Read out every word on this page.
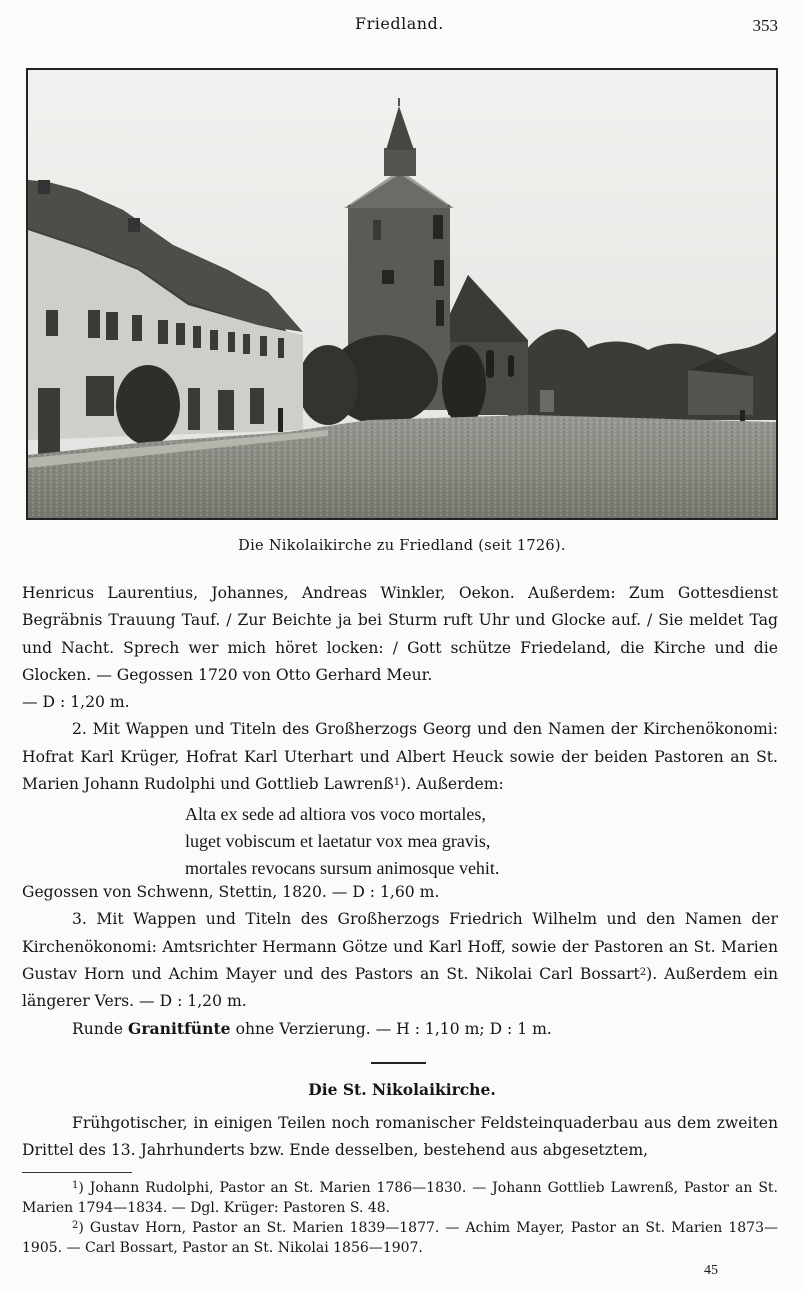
Friedland.	353
Die Nikolaikirche zu Friedland (seit 1726).

Henricus Laurentius, Johannes, Andreas Winkler, Oekon. Außerdem: Zum Gottesdienst Begräbnis Trauung Tauf. / Zur Beichte ja bei Sturm ruft Uhr und Glocke auf. / Sie meldet Tag und Nacht. Sprech wer mich höret locken: / Gott schütze Friedeland, die Kirche und die Glocken. — Gegossen 1720 von Otto Gerhard Meur.

— D : 1,20 m.

2. Mit Wappen und Titeln des Großherzogs Georg und den Namen der Kirchenökonomi: Hofrat Karl Krüger, Hofrat Karl Uterhart und Albert Heuck sowie der beiden Pastoren an St. Marien Johann Rudolphi und Gottlieb Lawrenß$^1$). Außerdem:

Alta ex sede ad altiora vos voco mortales,
luget vobiscum et laetatur vox mea gravis,
mortales revocans sursum animosque vehit.

Gegossen von Schwenn, Stettin, 1820. — D : 1,60 m.

3. Mit Wappen und Titeln des Großherzogs Friedrich Wilhelm und den Namen der Kirchenökonomi: Amtsrichter Hermann Götze und Karl Hoff, sowie der Pastoren an St. Marien Gustav Horn und Achim Mayer und des Pastors an St. Nikolai Carl Bossart$^2$). Außerdem ein längerer Vers. — D : 1,20 m.

Runde Granitfünte ohne Verzierung. — H : 1,10 m; D : 1 m.

Die St. Nikolaikirche.

Frühgotischer, in einigen Teilen noch romanischer Feldsteinquaderbau aus dem zweiten Drittel des 13. Jahrhunderts bzw. Ende desselben, bestehend aus abgesetztem,

$^1$) Johann Rudolphi, Pastor an St. Marien 1786—1830. — Johann Gottlieb Lawrenß, Pastor an St. Marien 1794—1834. — Dgl. Krüger: Pastoren S. 48.

$^2$) Gustav Horn, Pastor an St. Marien 1839—1877. — Achim Mayer, Pastor an St. Marien 1873—1905. — Carl Bossart, Pastor an St. Nikolai 1856—1907.

45
